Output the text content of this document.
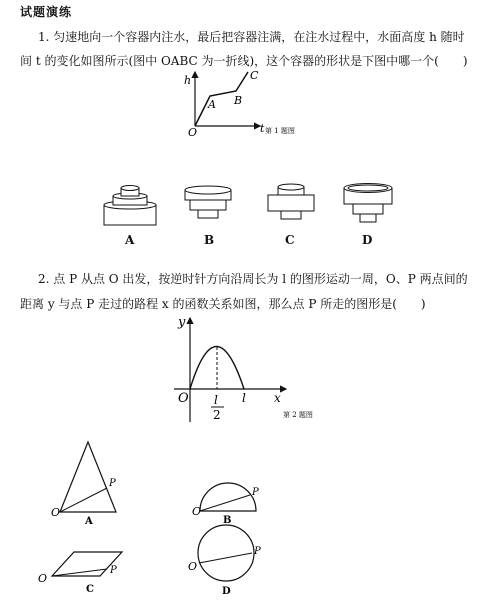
试题演练
1. 匀速地向一个容器内注水，最后把容器注满，在注水过程中，水面高度 h 随时
间 t 的变化如图所示(图中 OABC 为一折线)，这个容器的形状是下图中哪一个(　　)
h
O
A B
C
t 第 1 题图
A	B	C	D
2. 点 P 从点 O 出发，按逆时针方向沿周长为 l 的图形运动一周，O、P 两点间的
距离 y 与点 P 走过的路程 x 的函数关系如图，那么点 P 所走的图形是(　　)
y
O l
2
l x
第 2 题图
O
P
A
O
P
B
O
P
C
O
P
D
